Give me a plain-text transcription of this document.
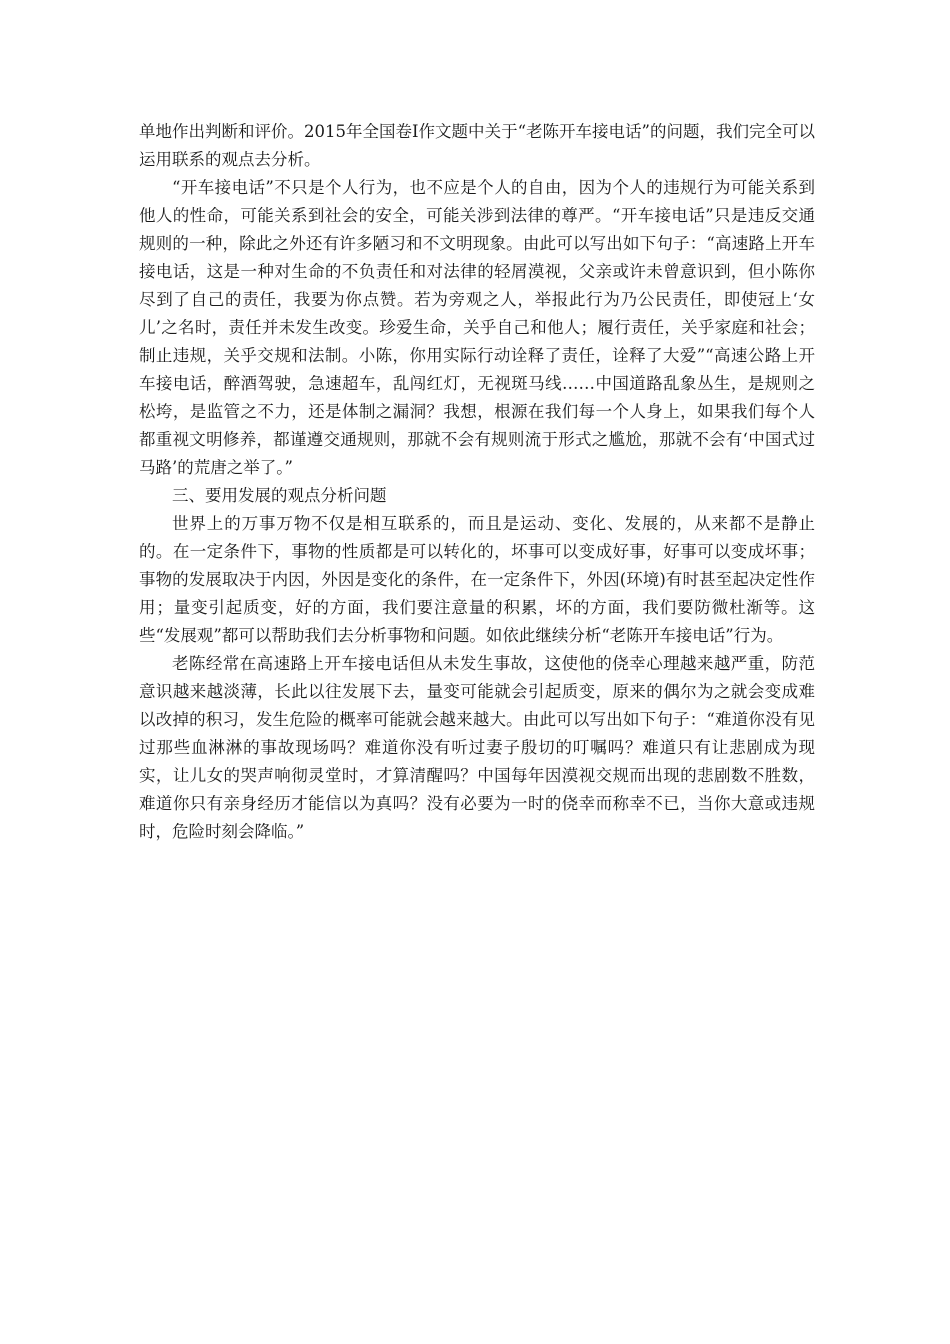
单地作出判断和评价。2015年全国卷Ⅰ作文题中关于“老陈开车接电话”的问题，我们完全可以运用联系的观点去分析。

“开车接电话”不只是个人行为，也不应是个人的自由，因为个人的违规行为可能关系到他人的性命，可能关系到社会的安全，可能关涉到法律的尊严。“开车接电话”只是违反交通规则的一种，除此之外还有许多陋习和不文明现象。由此可以写出如下句子：“高速路上开车接电话，这是一种对生命的不负责任和对法律的轻屑漠视，父亲或许未曾意识到，但小陈你尽到了自己的责任，我要为你点赞。若为旁观之人，举报此行为乃公民责任，即使冠上‘女儿’之名时，责任并未发生改变。珍爱生命，关乎自己和他人；履行责任，关乎家庭和社会；制止违规，关乎交规和法制。小陈，你用实际行动诠释了责任，诠释了大爱”“高速公路上开车接电话，醉酒驾驶，急速超车，乱闯红灯，无视斑马线……中国道路乱象丛生，是规则之松垮，是监管之不力，还是体制之漏洞？我想，根源在我们每一个人身上，如果我们每个人都重视文明修养，都谨遵交通规则，那就不会有规则流于形式之尴尬，那就不会有‘中国式过马路’的荒唐之举了。”

三、要用发展的观点分析问题

世界上的万事万物不仅是相互联系的，而且是运动、变化、发展的，从来都不是静止的。在一定条件下，事物的性质都是可以转化的，坏事可以变成好事，好事可以变成坏事；事物的发展取决于内因，外因是变化的条件，在一定条件下，外因(环境)有时甚至起决定性作用；量变引起质变，好的方面，我们要注意量的积累，坏的方面，我们要防微杜渐等。这些“发展观”都可以帮助我们去分析事物和问题。如依此继续分析“老陈开车接电话”行为。

老陈经常在高速路上开车接电话但从未发生事故，这使他的侥幸心理越来越严重，防范意识越来越淡薄，长此以往发展下去，量变可能就会引起质变，原来的偶尔为之就会变成难以改掉的积习，发生危险的概率可能就会越来越大。由此可以写出如下句子：“难道你没有见过那些血淋淋的事故现场吗？难道你没有听过妻子殷切的叮嘱吗？难道只有让悲剧成为现实，让儿女的哭声响彻灵堂时，才算清醒吗？中国每年因漠视交规而出现的悲剧数不胜数，难道你只有亲身经历才能信以为真吗？没有必要为一时的侥幸而称幸不已，当你大意或违规时，危险时刻会降临。”
